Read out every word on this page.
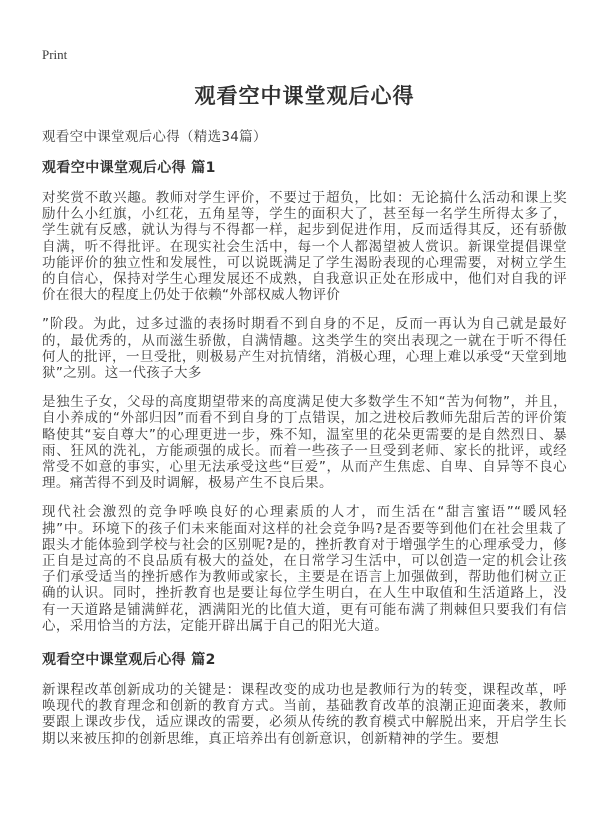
Print
观看空中课堂观后心得
观看空中课堂观后心得（精选34篇）
观看空中课堂观后心得 篇1

对奖赏不敢兴趣。教师对学生评价，不要过于超负，比如：无论搞什么活动和课上奖励什么小红旗，小红花，五角星等，学生的面积大了，甚至每一名学生所得太多了，学生就有反感，就认为得与不得都一样，起步到促进作用，反而适得其反，还有骄傲自满，听不得批评。在现实社会生活中，每一个人都渴望被人赏识。新课堂提倡课堂功能评价的独立性和发展性，可以说既满足了学生渴盼表现的心理需要，对树立学生的自信心，保持对学生心理发展还不成熟，自我意识正处在形成中，他们对自我的评价在很大的程度上仍处于依赖“外部权威人物评价

”阶段。为此，过多过滥的表扬时期看不到自身的不足，反而一再认为自己就是最好的，最优秀的，从而滋生骄傲，自满情趣。这类学生的突出表现之一就在于听不得任何人的批评，一旦受批，则极易产生对抗情绪，消极心理，心理上难以承受“天堂到地狱”之别。这一代孩子大多

是独生子女，父母的高度期望带来的高度满足使大多数学生不知“苦为何物”，并且，自小养成的“外部归因”而看不到自身的丁点错误，加之进校后教师先甜后苦的评价策略使其“妄自尊大”的心理更进一步，殊不知，温室里的花朵更需要的是自然烈日、暴雨、狂风的洗礼，方能顽强的成长。而着一些孩子一旦受到老师、家长的批评，或经常受不如意的事实，心里无法承受这些“巨爱”，从而产生焦虑、自卑、自异等不良心理。痛苦得不到及时调解，极易产生不良后果。

现代社会激烈的竞争呼唤良好的心理素质的人才，而生活在“甜言蜜语”“暖风轻拂”中。环境下的孩子们未来能面对这样的社会竞争吗?是否要等到他们在社会里栽了跟头才能体验到学校与社会的区别呢?是的，挫折教育对于增强学生的心理承受力，修正自是过高的不良品质有极大的益处，在日常学习生活中，可以创造一定的机会让孩子们承受适当的挫折感作为教师或家长，主要是在语言上加强做到，帮助他们树立正确的认识。同时，挫折教育也是要让每位学生明白，在人生中取值和生活道路上，没有一天道路是铺满鲜花，洒满阳光的比值大道，更有可能布满了荆棘但只要我们有信心，采用恰当的方法，定能开辟出属于自己的阳光大道。

观看空中课堂观后心得 篇2

新课程改革创新成功的关键是：课程改变的成功也是教师行为的转变，课程改革，呼唤现代的教育理念和创新的教育方式。当前，基础教育改革的浪潮正迎面袭来，教师要跟上课改步伐，适应课改的需要，必须从传统的教育模式中解脱出来，开启学生长期以来被压抑的创新思维，真正培养出有创新意识，创新精神的学生。要想
